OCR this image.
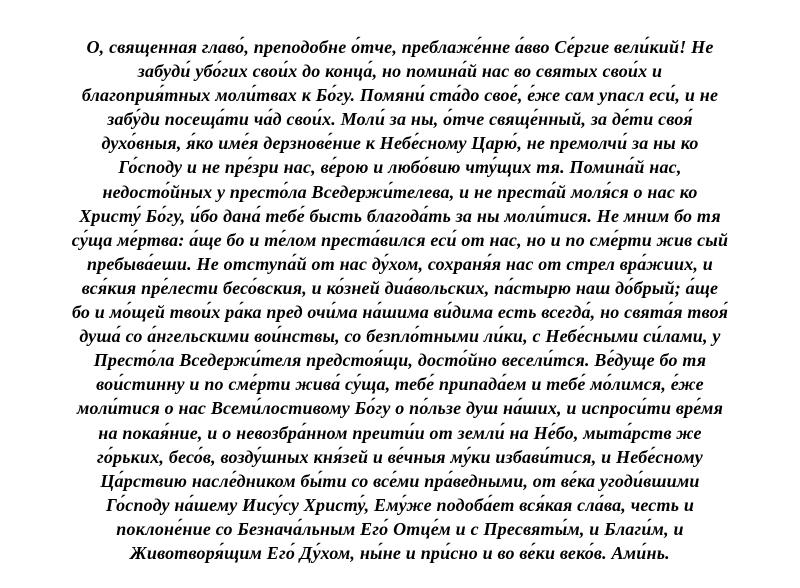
О, священная главо́, преподобне о́тче, преблаже́нне а́вво Се́ргие вели́кий! Не
забуди́ убо́гих свои́х до конца́, но помина́й нас во святых свои́х и
благоприя́тных моли́твах к Бо́гу. Помяни́ ста́до свое́, е́же сам упасл еси́, и не
забу́ди посеща́ти ча́д свои́х. Моли́ за ны, о́тче свяще́нный, за де́ти своя́
духо́вныя, я́ко име́я дерзнове́ние к Небе́сному Царю́, не премолчи́ за ны ко
Го́споду и не пре́зри нас, ве́рою и любо́вию чту́щих тя. Помина́й нас,
недосто́йных у престо́ла Вседержи́телева, и не преста́й моля́ся о нас ко
Христу́ Бо́гу, и́бо дана́ тебе́ бысть благода́ть за ны моли́тися. Не мним бо тя
су́ща ме́ртва: а́ще бо и те́лом преста́вился еси́ от нас, но и по сме́рти жив сый
пребыва́еши. Не отступа́й от нас ду́хом, сохраня́я нас от стрел вра́жиих, и
вся́кия пре́лести бесо́вския, и ко́зней диа́вольских, па́стырю наш до́брый; а́ще
бо и мо́щей твои́х ра́ка пред очи́ма на́шима ви́дима есть всегда́, но свята́я твоя́
душа́ со а́нгельскими вои́нствы, со безпло́тными ли́ки, с Небе́сными си́лами, у
Престо́ла Вседержи́теля предстоя́щи, досто́йно весели́тся. Ве́дуще бо тя
вои́стинну и по сме́рти жива́ су́ща, тебе́ припада́ем и тебе́ мо́лимся, е́же
моли́тися о нас Всеми́лостивому Бо́гу о по́льзе душ на́ших, и испроси́ти вре́мя
на покая́ние, и о невозбра́нном преити́и от земли́ на Не́бо, мыта́рств же
го́рьких, бесо́в, возду́шных кня́зей и ве́чныя му́ки избави́тися, и Небе́сному
Ца́рствию насле́дником бы́ти со все́ми пра́ведными, от ве́ка угоди́вшими
Го́споду на́шему Иису́су Христу́, Ему́же подоба́ет вся́кая сла́ва, честь и
поклоне́ние со Безнача́льным Его́ Отце́м и с Пресвяты́м, и Благи́м, и
Животворя́щим Его́ Ду́хом, ны́не и при́сно и во ве́ки веко́в. Ами́нь.
